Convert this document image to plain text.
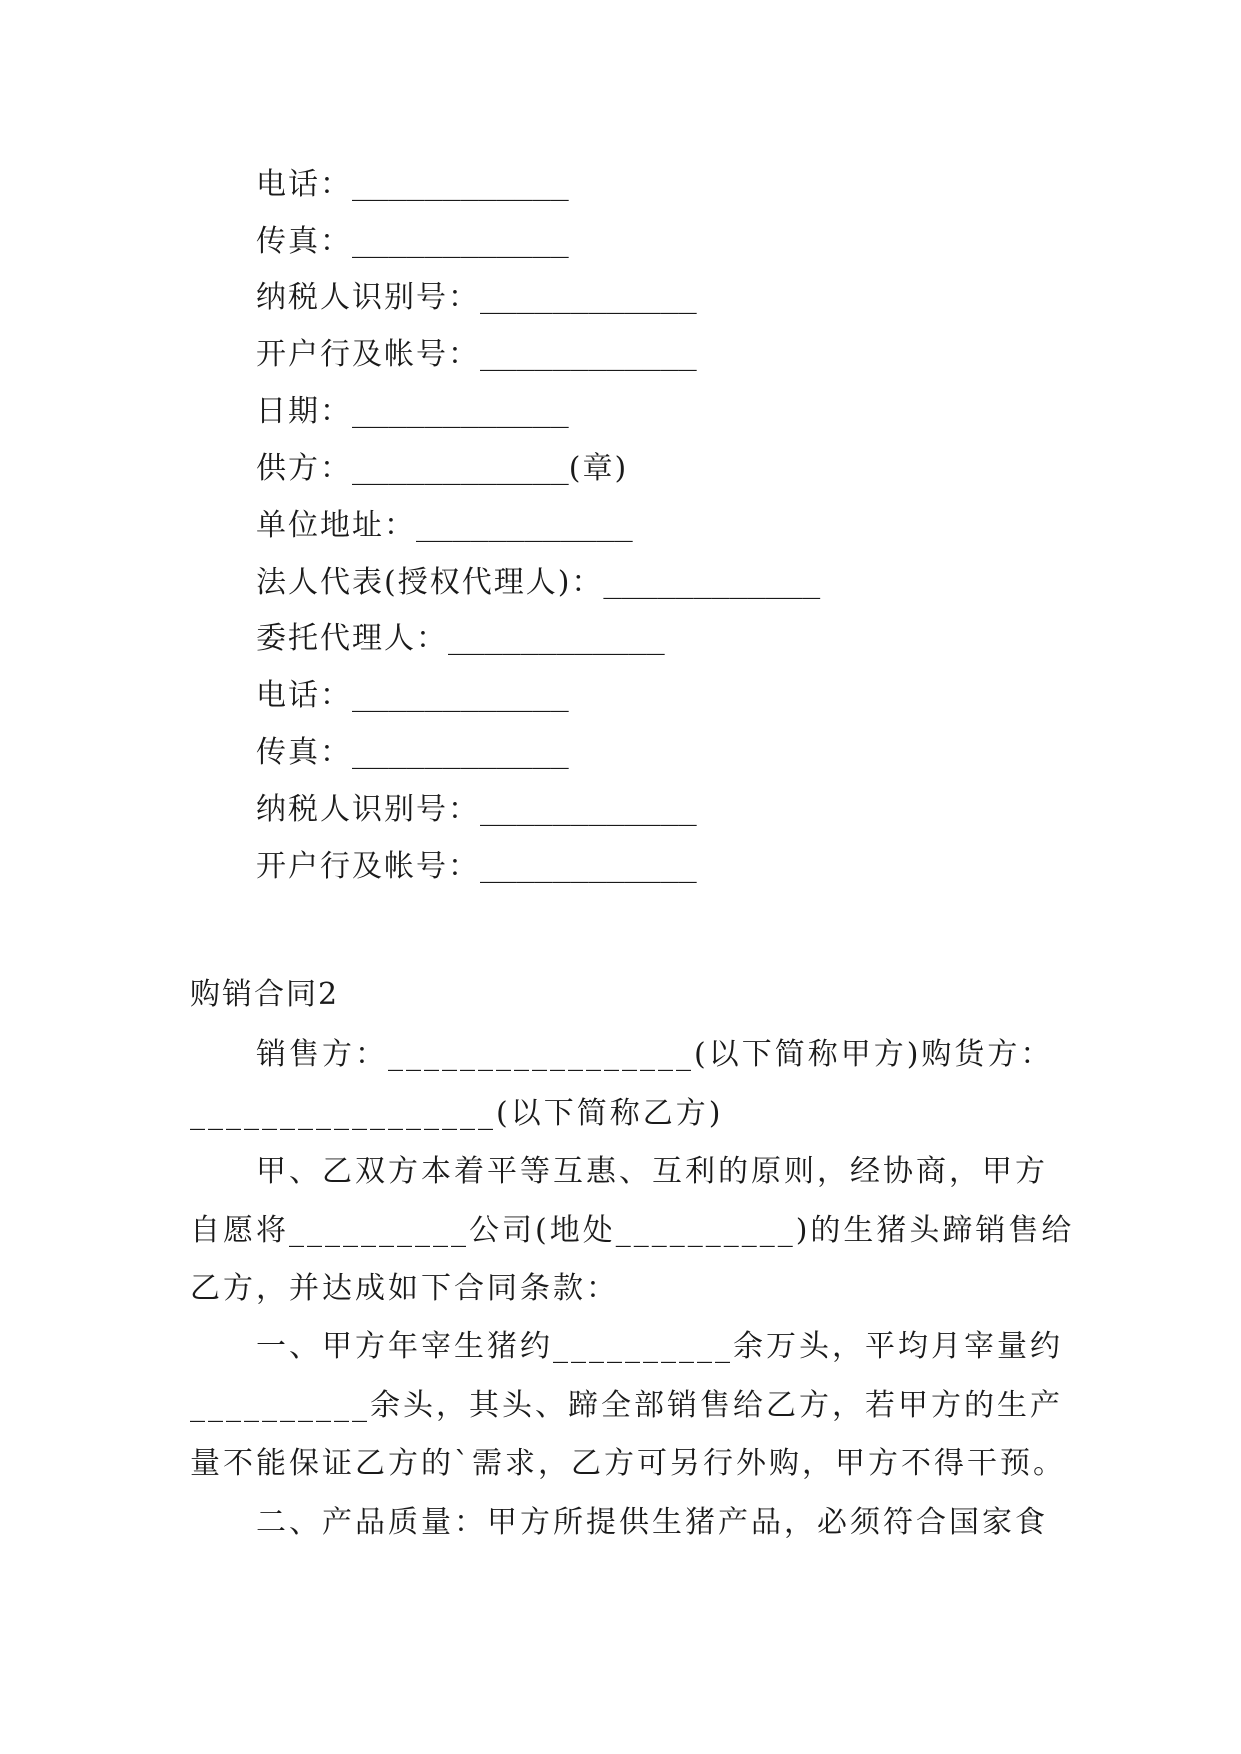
电话：____________
传真：____________
纳税人识别号：____________
开户行及帐号：____________
日期：____________
供方：____________(章)
单位地址：____________
法人代表(授权代理人)：____________
委托代理人：____________
电话：____________
传真：____________
纳税人识别号：____________
开户行及帐号：____________
购销合同2
　　销售方：_________________(以下简称甲方)购货方：
_________________(以下简称乙方)
　　甲、乙双方本着平等互惠、互利的原则，经协商，甲方
自愿将__________公司(地处__________)的生猪头蹄销售给
乙方，并达成如下合同条款：
　　一、甲方年宰生猪约__________余万头，平均月宰量约
__________余头，其头、蹄全部销售给乙方，若甲方的生产
量不能保证乙方的`需求，乙方可另行外购，甲方不得干预。
　　二、产品质量：甲方所提供生猪产品，必须符合国家食
